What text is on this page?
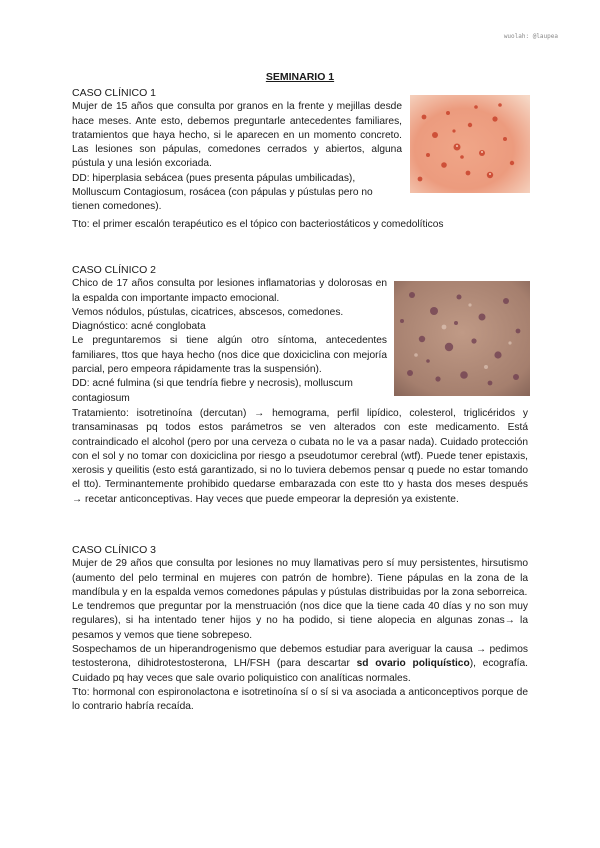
wuolah: @laupea
SEMINARIO 1

CASO CLÍNICO 1

Mujer de 15 años que consulta por granos en la frente y mejillas desde hace meses. Ante esto, debemos preguntarle antecedentes familiares, tratamientos que haya hecho, si le aparecen en un momento concreto. Las lesiones son pápulas, comedones cerrados y abiertos, alguna pústula y una lesión excoriada.

DD: hiperplasia sebácea (pues presenta pápulas umbilicadas), Molluscum Contagiosum, rosácea (con pápulas y pústulas pero no tienen comedones).

Tto: el primer escalón terapéutico es el tópico con bacteriostáticos y comedolíticos

CASO CLÍNICO 2

Chico de 17 años consulta por lesiones inflamatorias y dolorosas en la espalda con importante impacto emocional.

Vemos nódulos, pústulas, cicatrices, abscesos, comedones.

Diagnóstico: acné conglobata

Le preguntaremos si tiene algún otro síntoma, antecedentes familiares, ttos que haya hecho (nos dice que doxiciclina con mejoría parcial, pero empeora rápidamente tras la suspensión).

DD: acné fulmina (si que tendría fiebre y necrosis), molluscum contagiosum

Tratamiento: isotretinoína (dercutan) → hemograma, perfil lipídico, colesterol, triglicéridos y transaminasas pq todos estos parámetros se ven alterados con este medicamento. Está contraindicado el alcohol (pero por una cerveza o cubata no le va a pasar nada). Cuidado protección con el sol y no tomar con doxiciclina por riesgo a pseudotumor cerebral (wtf). Puede tener epistaxis, xerosis y queilitis (esto está garantizado, si no lo tuviera debemos pensar q puede no estar tomando el tto). Terminantemente prohibido quedarse embarazada con este tto y hasta dos meses después → recetar anticonceptivas. Hay veces que puede empeorar la depresión ya existente.

CASO CLÍNICO 3

Mujer de 29 años que consulta por lesiones no muy llamativas pero sí muy persistentes, hirsutismo (aumento del pelo terminal en mujeres con patrón de hombre). Tiene pápulas en la zona de la mandíbula y en la espalda vemos comedones pápulas y pústulas distribuidas por la zona seborreica.

Le tendremos que preguntar por la menstruación (nos dice que la tiene cada 40 días y no son muy regulares), si ha intentado tener hijos y no ha podido, si tiene alopecia en algunas zonas→ la pesamos y vemos que tiene sobrepeso.

Sospechamos de un hiperandrogenismo que debemos estudiar para averiguar la causa → pedimos testosterona, dihidrotestosterona, LH/FSH (para descartar sd ovario poliquístico), ecografía. Cuidado pq hay veces que sale ovario poliquistico con analíticas normales.

Tto: hormonal con espironolactona e isotretinoína sí o sí si va asociada a anticonceptivos porque de lo contrario habría recaída.
